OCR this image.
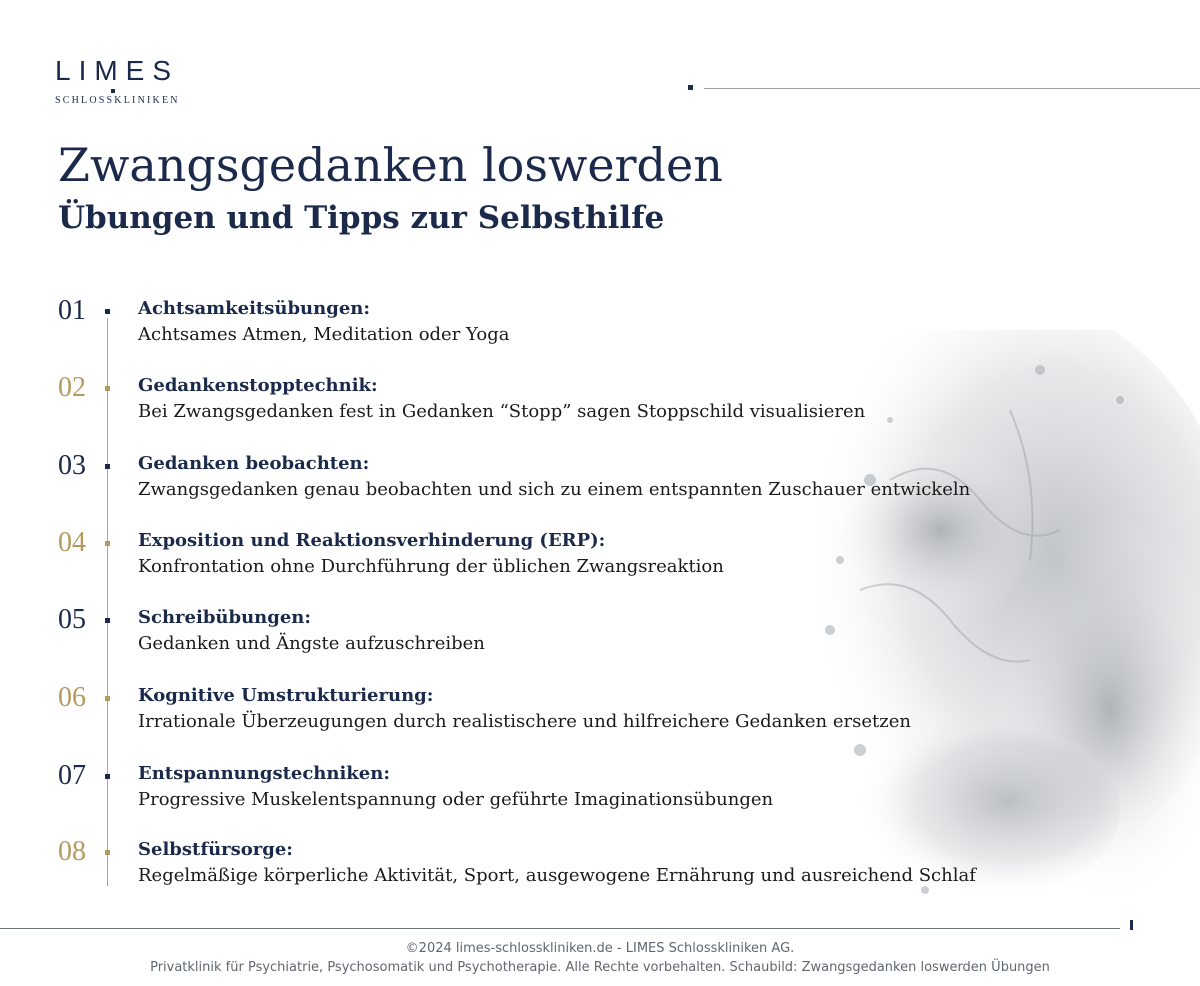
LIMES
SCHLOSSKLINIKEN
Zwangsgedanken loswerden
Übungen und Tipps zur Selbsthilfe
01	Achtsamkeitsübungen:
Achtsames Atmen, Meditation oder Yoga
02	Gedankenstopptechnik:
Bei Zwangsgedanken fest in Gedanken “Stopp” sagen Stoppschild visualisieren
03	Gedanken beobachten:
Zwangsgedanken genau beobachten und sich zu einem entspannten Zuschauer entwickeln
04	Exposition und Reaktionsverhinderung (ERP):
Konfrontation ohne Durchführung der üblichen Zwangsreaktion
05	Schreibübungen:
Gedanken und Ängste aufzuschreiben
06	Kognitive Umstrukturierung:
Irrationale Überzeugungen durch realistischere und hilfreichere Gedanken ersetzen
07	Entspannungstechniken:
Progressive Muskelentspannung oder geführte Imaginationsübungen
08	Selbstfürsorge:
Regelmäßige körperliche Aktivität, Sport, ausgewogene Ernährung und ausreichend Schlaf
©2024 limes-schlosskliniken.de - LIMES Schlosskliniken AG.
Privatklinik für Psychiatrie, Psychosomatik und Psychotherapie. Alle Rechte vorbehalten. Schaubild: Zwangsgedanken loswerden Übungen
